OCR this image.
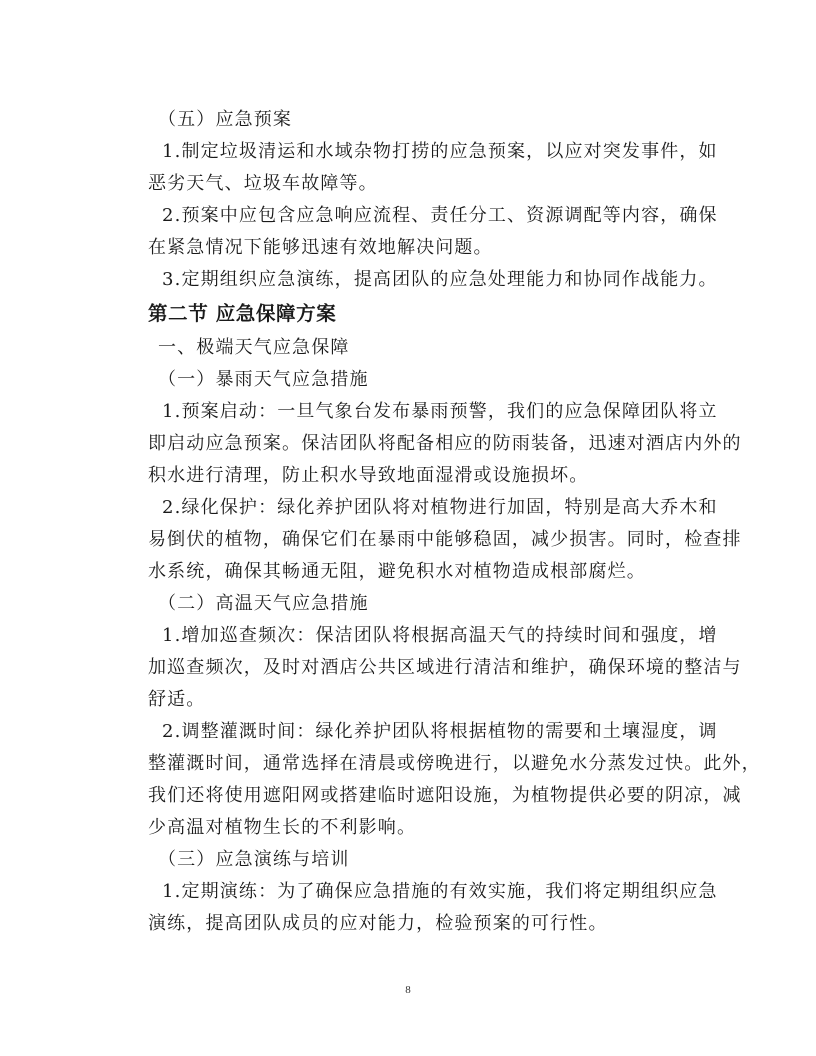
（五）应急预案
1.制定垃圾清运和水域杂物打捞的应急预案，以应对突发事件，如
恶劣天气、垃圾车故障等。
2.预案中应包含应急响应流程、责任分工、资源调配等内容，确保
在紧急情况下能够迅速有效地解决问题。
3.定期组织应急演练，提高团队的应急处理能力和协同作战能力。
第二节 应急保障方案
一、极端天气应急保障
（一）暴雨天气应急措施
1.预案启动：一旦气象台发布暴雨预警，我们的应急保障团队将立
即启动应急预案。保洁团队将配备相应的防雨装备，迅速对酒店内外的
积水进行清理，防止积水导致地面湿滑或设施损坏。
2.绿化保护：绿化养护团队将对植物进行加固，特别是高大乔木和
易倒伏的植物，确保它们在暴雨中能够稳固，减少损害。同时，检查排
水系统，确保其畅通无阻，避免积水对植物造成根部腐烂。
（二）高温天气应急措施
1.增加巡查频次：保洁团队将根据高温天气的持续时间和强度，增
加巡查频次，及时对酒店公共区域进行清洁和维护，确保环境的整洁与
舒适。
2.调整灌溉时间：绿化养护团队将根据植物的需要和土壤湿度，调
整灌溉时间，通常选择在清晨或傍晚进行，以避免水分蒸发过快。此外，
我们还将使用遮阳网或搭建临时遮阳设施，为植物提供必要的阴凉，减
少高温对植物生长的不利影响。
（三）应急演练与培训
1.定期演练：为了确保应急措施的有效实施，我们将定期组织应急
演练，提高团队成员的应对能力，检验预案的可行性。
8
